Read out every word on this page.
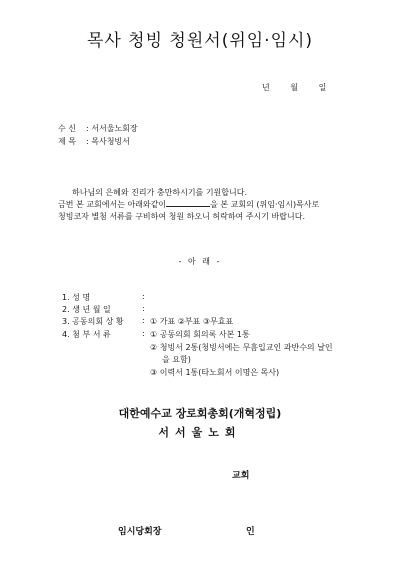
목사 청빙 청원서(위임·임시)
년 월 일
수 신 : 서서울노회장
제 목 : 목사청빙서
하나님의 은혜와 진리가 충만하시기를 기원합니다.
금번 본 교회에서는 아래와같이	을 본 교회의 (위임·임시)목사로
청빙코자 별첨 서류를 구비하여 청원 하오니 허락하여 주시기 바랍니다.
- 아 래 -
1. 성 명	:
2. 생 년 월 일	:
3. 공동의회 상 황 : ① 가표 ②부표 ③무효표
4. 첨 부 서 류	: ① 공동의회 회의록 사본 1통
② 청빙서 2통(청빙서에는 무흠입교인 과반수의 날인
을 요함)
③ 이력서 1통(타노회서 이명은 목사)
대한예수교 장로회총회(개혁정립)
서서울노회
교회
임시당회장	인
